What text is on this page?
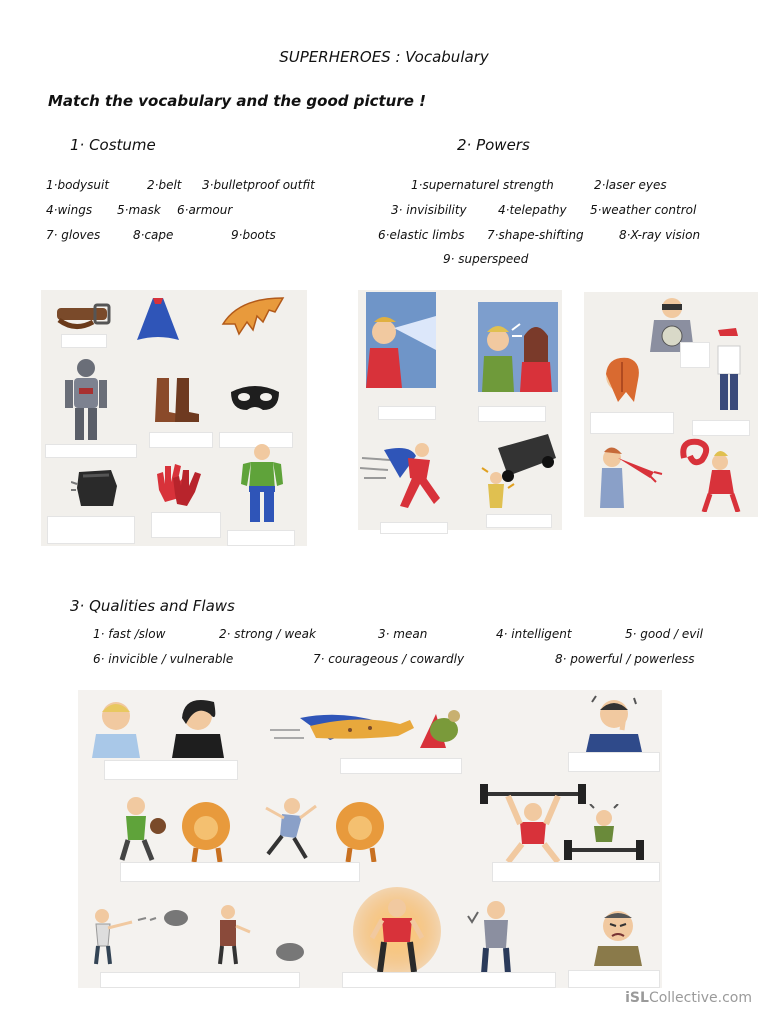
SUPERHEROES : Vocabulary
Match the vocabulary and the good picture !
1· Costume	2· Powers
1·bodysuit	2·belt 3·bulletproof outfit
4·wings 5·mask 6·armour
7· gloves	8·cape	9·boots
1·supernaturel strength	2·laser eyes
3· invisibility	4·telepathy 5·weather control
6·elastic limbs 7·shape-shifting	8·X-ray vision
9· superspeed
3· Qualities and Flaws
1· fast /slow	2· strong / weak	3· mean	4· intelligent	5· good / evil
6· invicible / vulnerable	7· courageous / cowardly	8· powerful / powerless
iSLCollective.com
